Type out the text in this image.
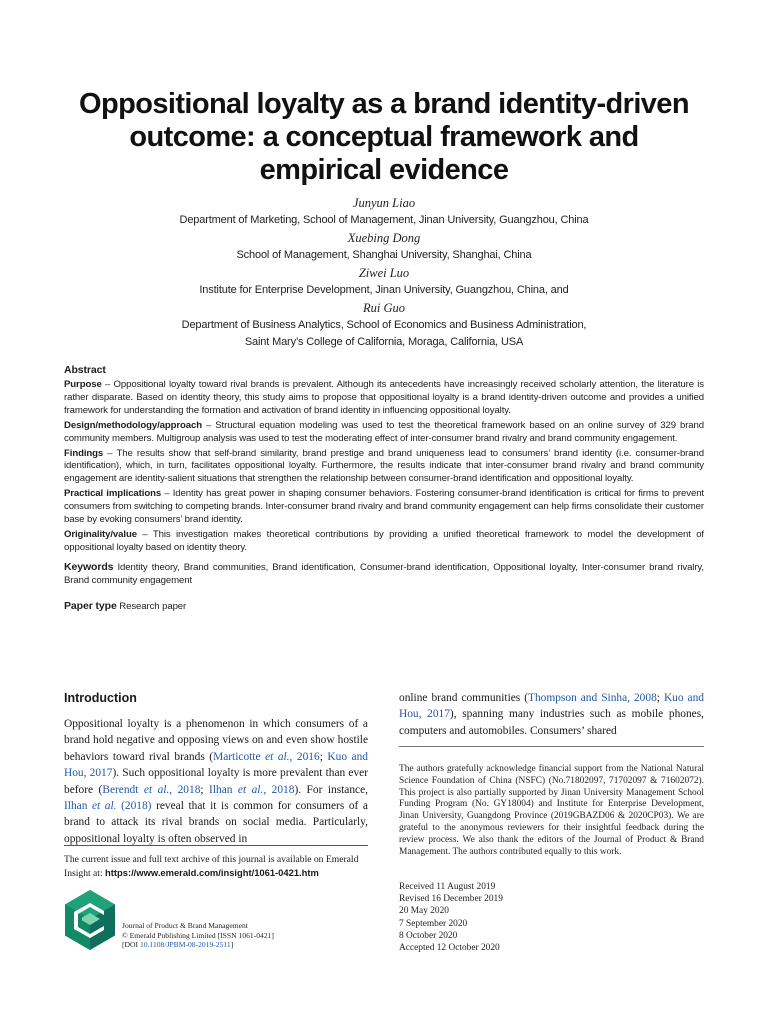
Oppositional loyalty as a brand identity-driven
outcome: a conceptual framework and
empirical evidence
Junyun Liao
Department of Marketing, School of Management, Jinan University, Guangzhou, China
Xuebing Dong
School of Management, Shanghai University, Shanghai, China
Ziwei Luo
Institute for Enterprise Development, Jinan University, Guangzhou, China, and
Rui Guo
Department of Business Analytics, School of Economics and Business Administration,
Saint Mary’s College of California, Moraga, California, USA
Abstract

Purpose – Oppositional loyalty toward rival brands is prevalent. Although its antecedents have increasingly received scholarly attention, the literature is rather disparate. Based on identity theory, this study aims to propose that oppositional loyalty is a brand identity-driven outcome and provides a unified framework for understanding the formation and activation of brand identity in influencing oppositional loyalty.

Design/methodology/approach – Structural equation modeling was used to test the theoretical framework based on an online survey of 329 brand community members. Multigroup analysis was used to test the moderating effect of inter-consumer brand rivalry and brand community engagement.

Findings – The results show that self-brand similarity, brand prestige and brand uniqueness lead to consumers’ brand identity (i.e. consumer-brand identification), which, in turn, facilitates oppositional loyalty. Furthermore, the results indicate that inter-consumer brand rivalry and brand community engagement are identity-salient situations that strengthen the relationship between consumer-brand identification and oppositional loyalty.

Practical implications – Identity has great power in shaping consumer behaviors. Fostering consumer-brand identification is critical for firms to prevent consumers from switching to competing brands. Inter-consumer brand rivalry and brand community engagement can help firms consolidate their customer base by evoking consumers’ brand identity.

Originality/value – This investigation makes theoretical contributions by providing a unified theoretical framework to model the development of oppositional loyalty based on identity theory.

Keywords Identity theory, Brand communities, Brand identification, Consumer-brand identification, Oppositional loyalty, Inter-consumer brand rivalry, Brand community engagement

Paper type Research paper

Introduction

Oppositional loyalty is a phenomenon in which consumers of a brand hold negative and opposing views on and even show hostile behaviors toward rival brands (Marticotte et al., 2016; Kuo and Hou, 2017). Such oppositional loyalty is more prevalent than ever before (Berendt et al., 2018; Ilhan et al., 2018). For instance, Ilhan et al. (2018) reveal that it is common for consumers of a brand to attack its rival brands on social media. Particularly, oppositional loyalty is often observed in

online brand communities (Thompson and Sinha, 2008; Kuo and Hou, 2017), spanning many industries such as mobile phones, computers and automobiles. Consumers’ shared

The current issue and full text archive of this journal is available on Emerald Insight at: https://www.emerald.com/insight/1061-0421.htm
Journal of Product & Brand Management
© Emerald Publishing Limited [ISSN 1061-0421]
[DOI 10.1108/JPBM-08-2019-2511]
The authors gratefully acknowledge financial support from the National Natural Science Foundation of China (NSFC) (No.71802097, 71702097 & 71602072). This project is also partially supported by Jinan University Management School Funding Program (No. GY18004) and Institute for Enterprise Development, Jinan University, Guangdong Province (2019GBAZD06 & 2020CP03). We are grateful to the anonymous reviewers for their insightful feedback during the review process. We also thank the editors of the Journal of Product & Brand Management. The authors contributed equally to this work.
Received 11 August 2019
Revised 16 December 2019
20 May 2020
7 September 2020
8 October 2020
Accepted 12 October 2020
